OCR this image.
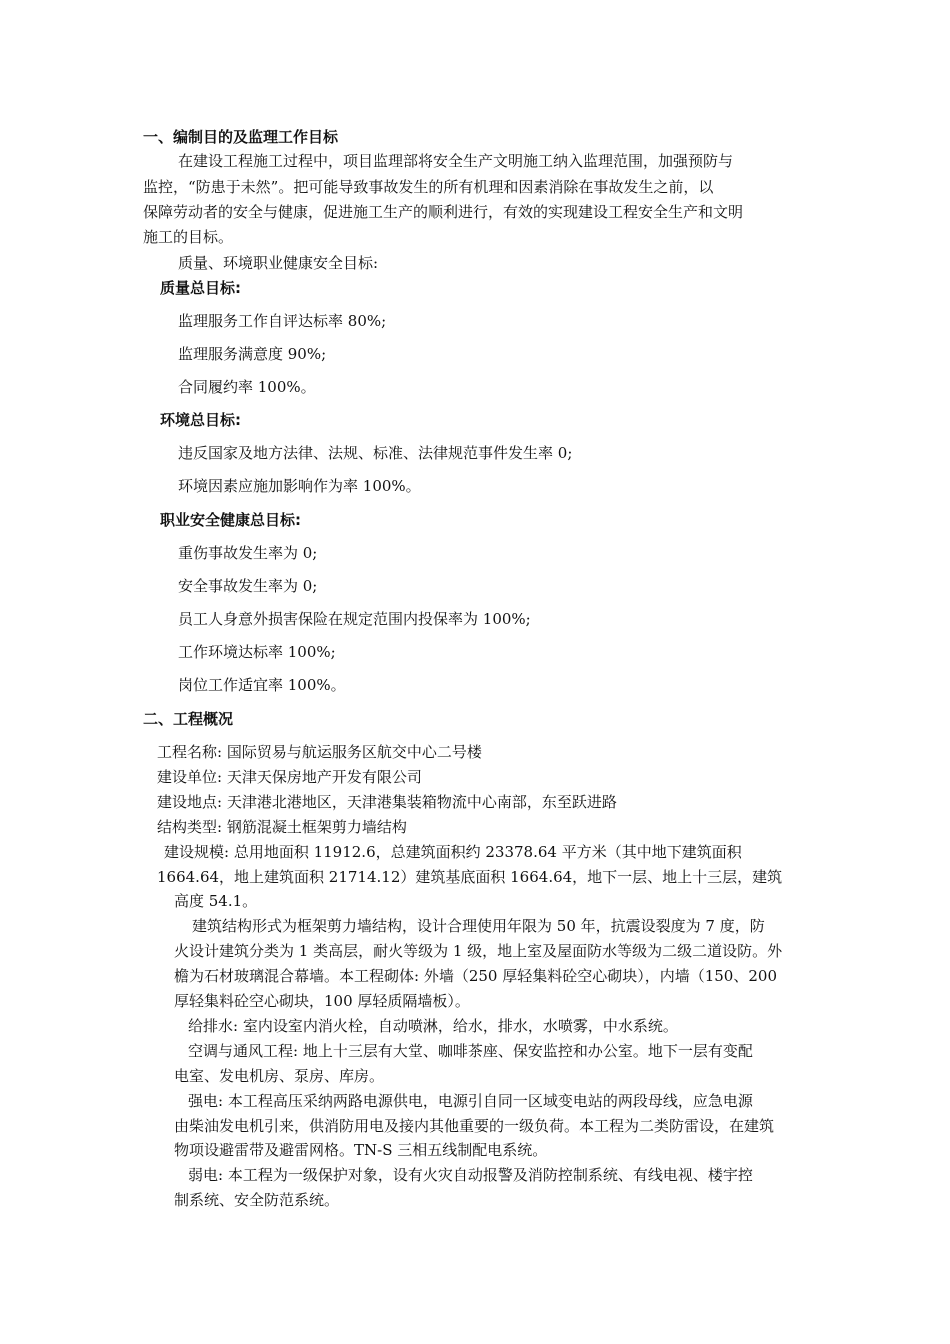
一、编制目的及监理工作目标
在建设工程施工过程中，项目监理部将安全生产文明施工纳入监理范围，加强预防与
监控，“防患于未然”。把可能导致事故发生的所有机理和因素消除在事故发生之前，以
保障劳动者的安全与健康，促进施工生产的顺利进行，有效的实现建设工程安全生产和文明
施工的目标。
质量、环境职业健康安全目标:
质量总目标:
监理服务工作自评达标率 80%;
监理服务满意度 90%;
合同履约率 100%。
环境总目标:
违反国家及地方法律、法规、标准、法律规范事件发生率 0;
环境因素应施加影响作为率 100%。
职业安全健康总目标:
重伤事故发生率为 0;
安全事故发生率为 0;
员工人身意外损害保险在规定范围内投保率为 100%;
工作环境达标率 100%;
岗位工作适宜率 100%。
二、工程概况
工程名称: 国际贸易与航运服务区航交中心二号楼
建设单位: 天津天保房地产开发有限公司
建设地点: 天津港北港地区，天津港集装箱物流中心南部，东至跃进路
结构类型: 钢筋混凝土框架剪力墙结构
建设规模: 总用地面积 11912.6，总建筑面积约 23378.64 平方米（其中地下建筑面积
1664.64，地上建筑面积 21714.12）建筑基底面积 1664.64，地下一层、地上十三层，建筑
高度 54.1。
建筑结构形式为框架剪力墙结构，设计合理使用年限为 50 年，抗震设裂度为 7 度，防
火设计建筑分类为 1 类高层，耐火等级为 1 级，地上室及屋面防水等级为二级二道设防。外
檐为石材玻璃混合幕墙。本工程砌体: 外墙（250 厚轻集料砼空心砌块），内墙（150、200
厚轻集料砼空心砌块，100 厚轻质隔墙板）。
给排水: 室内设室内消火栓，自动喷淋，给水，排水，水喷雾，中水系统。
空调与通风工程: 地上十三层有大堂、咖啡茶座、保安监控和办公室。地下一层有变配
电室、发电机房、泵房、库房。
强电: 本工程高压采纳两路电源供电，电源引自同一区域变电站的两段母线，应急电源
由柴油发电机引来，供消防用电及接内其他重要的一级负荷。本工程为二类防雷设，在建筑
物项设避雷带及避雷网格。TN-S 三相五线制配电系统。
弱电: 本工程为一级保护对象，设有火灾自动报警及消防控制系统、有线电视、楼宇控
制系统、安全防范系统。
